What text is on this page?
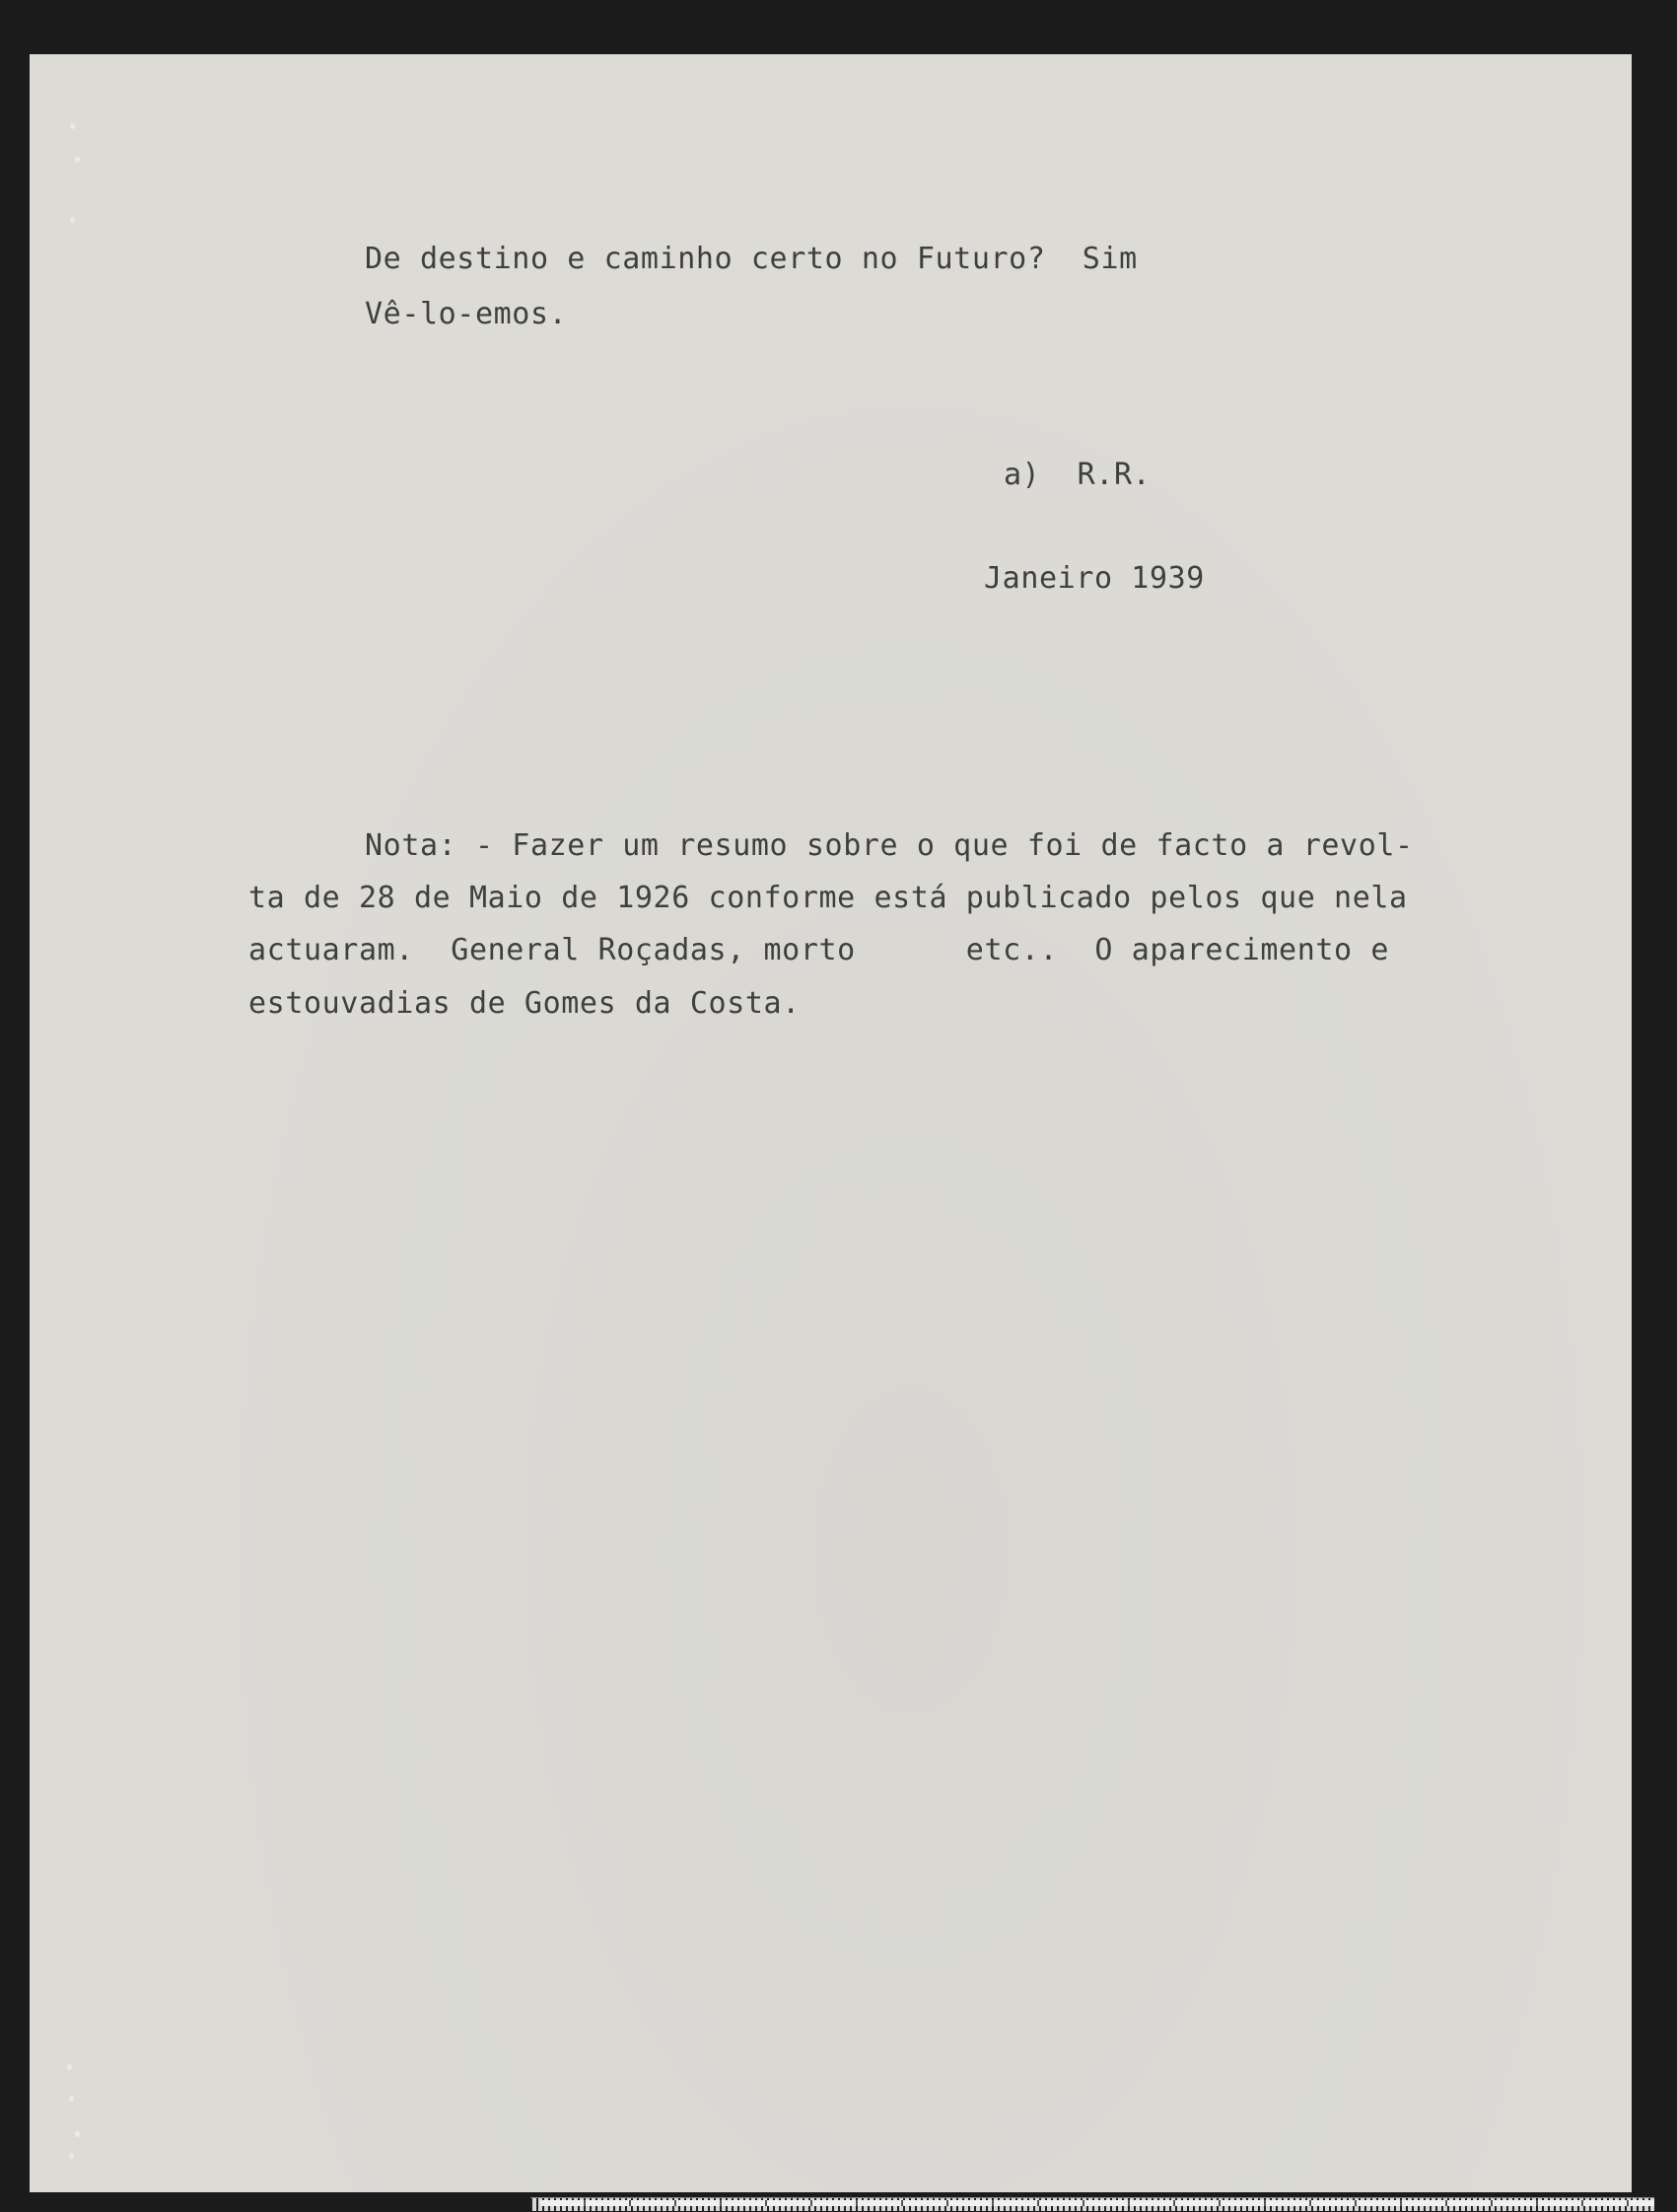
De destino e caminho certo no Futuro?  Sim

Vê-lo-emos.

a)  R.R.

Janeiro 1939

Nota: - Fazer um resumo sobre o que foi de facto a revol-

ta de 28 de Maio de 1926 conforme está publicado pelos que nela

actuaram.  General Roçadas, morto      etc..  O aparecimento e

estouvadias de Gomes da Costa.
